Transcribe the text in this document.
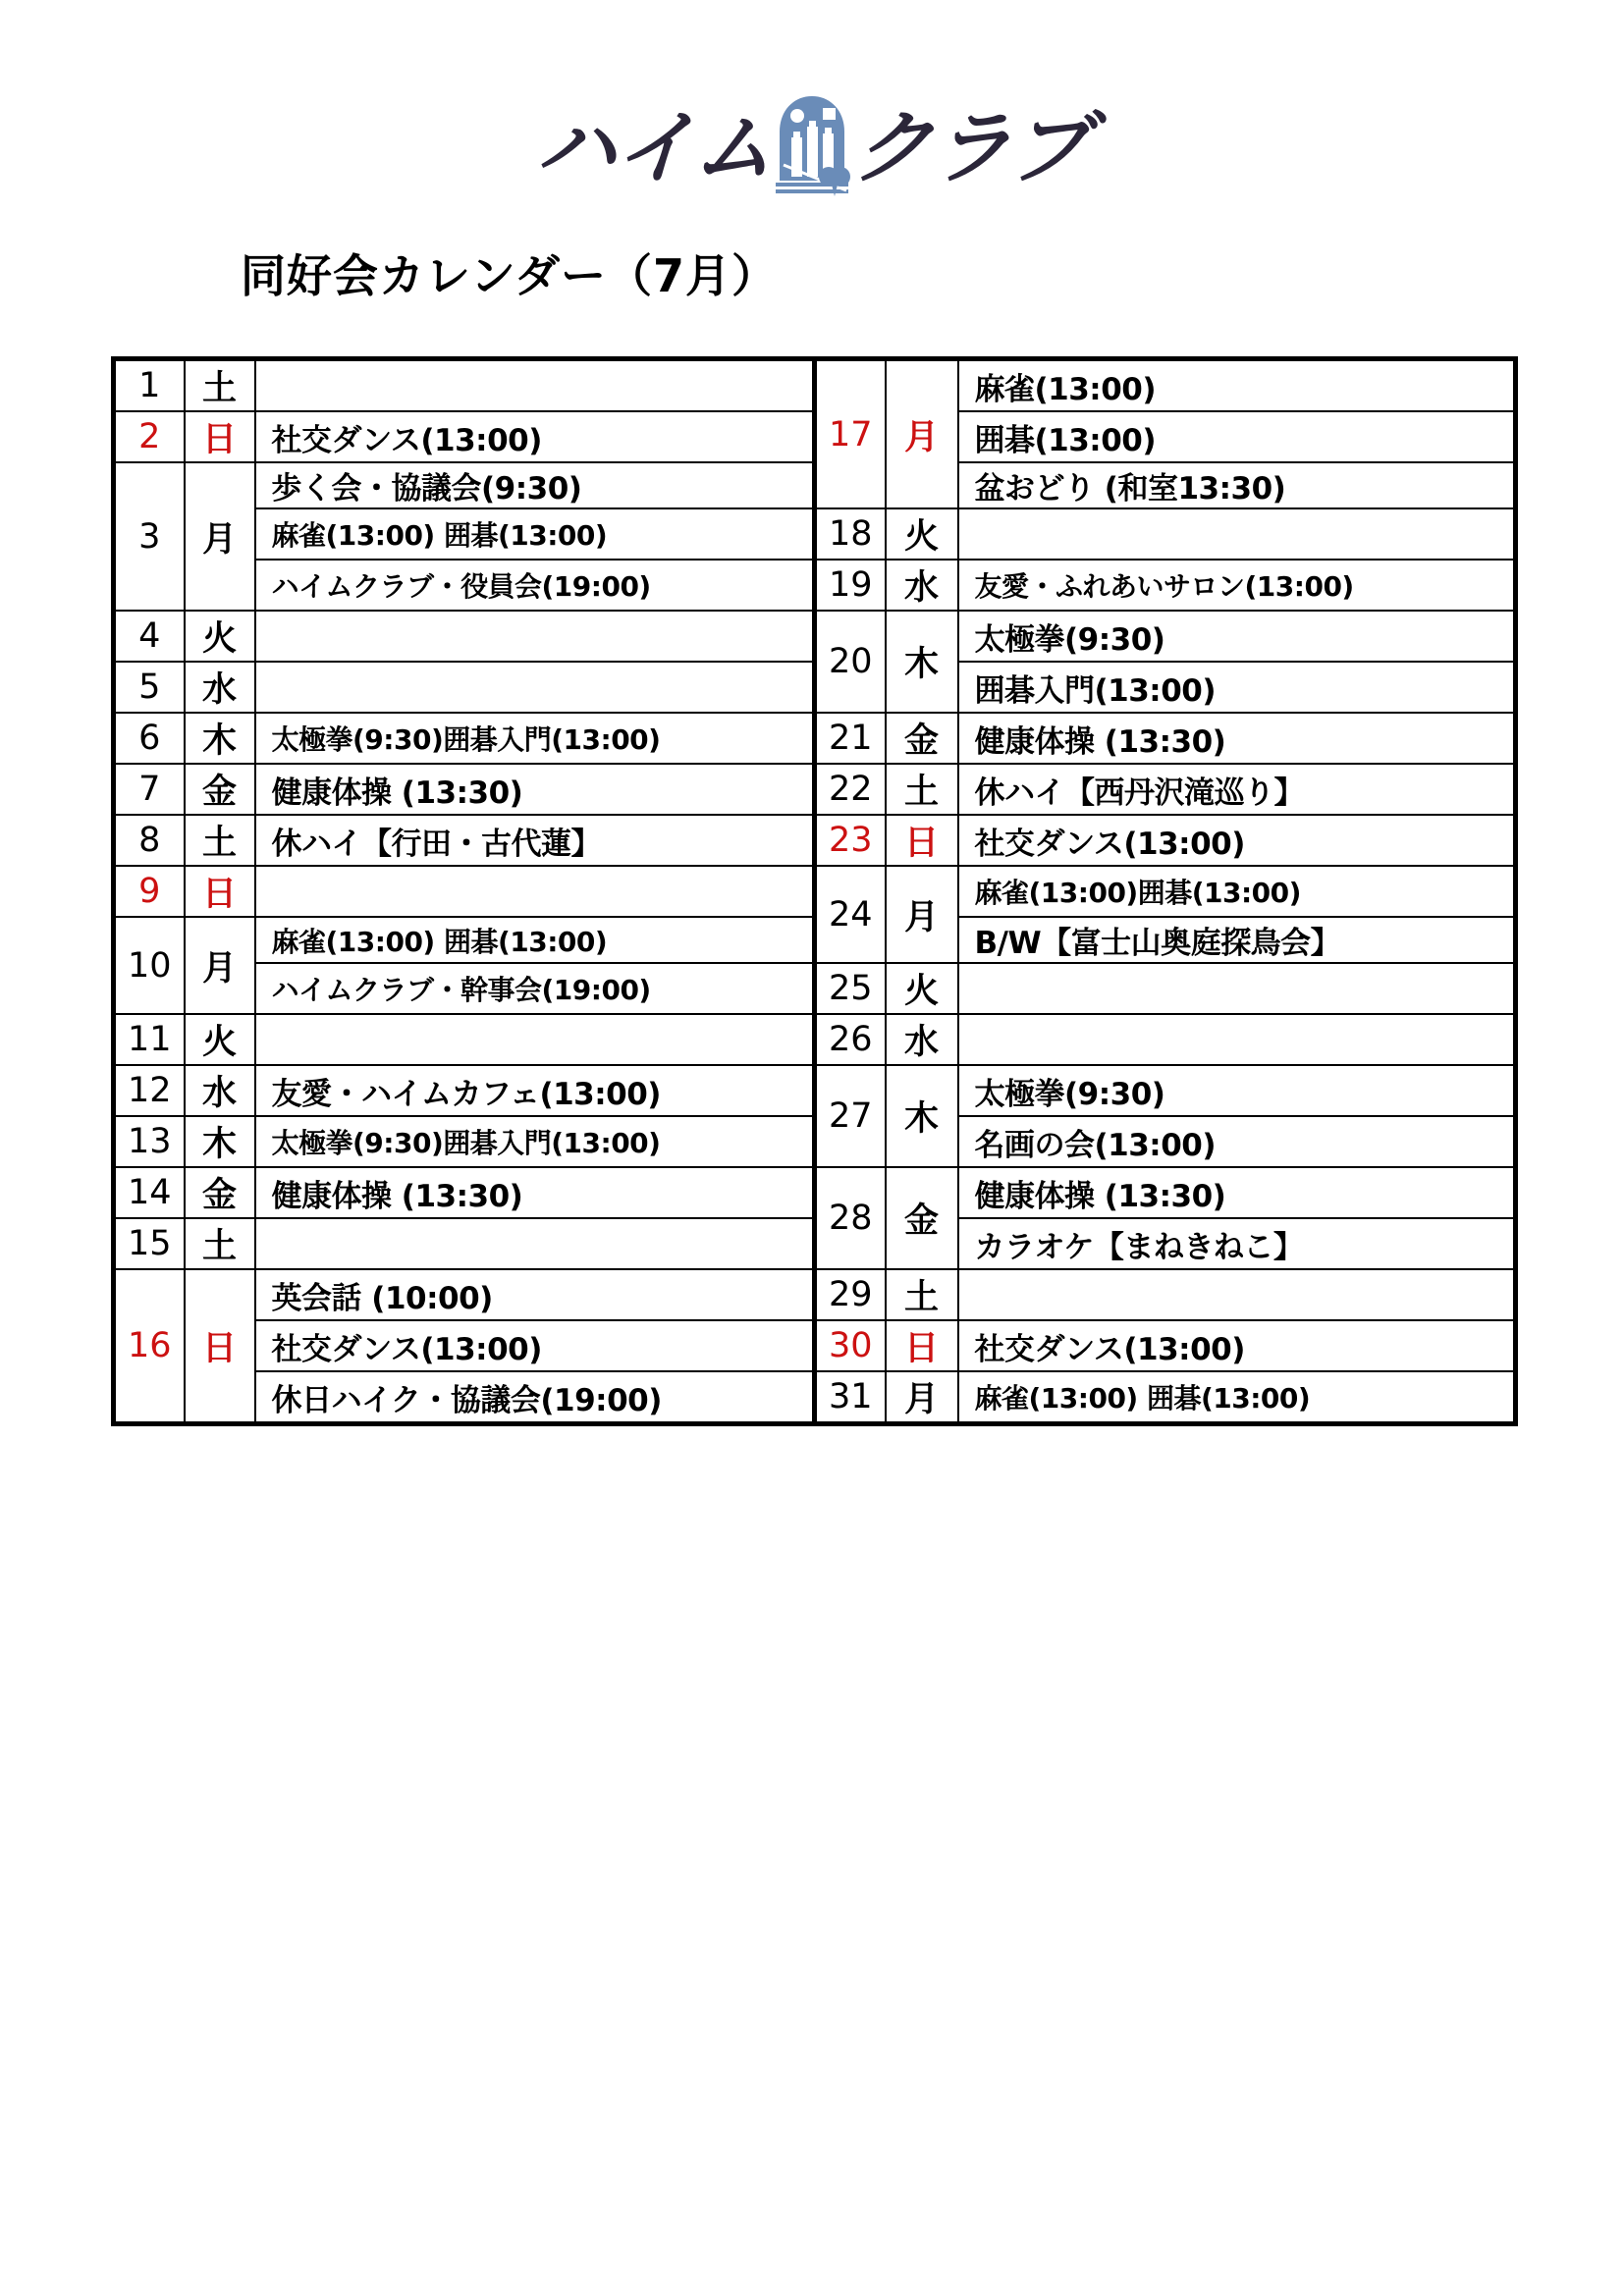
ハイム クラブ
同好会カレンダー（7月）
1	土		17	月	麻雀(13:00)
2	日	社交ダンス(13:00)			囲碁(13:00)
3	月	歩く会・協議会(9:30)			盆おどり (和室13:30)
		麻雀(13:00) 囲碁(13:00)	18	火	
		ハイムクラブ・役員会(19:00)	19	水	友愛・ふれあいサロン(13:00)
4	火		20	木	太極拳(9:30)
5	水				囲碁入門(13:00)
6	木	太極拳(9:30)囲碁入門(13:00)	21	金	健康体操 (13:30)
7	金	健康体操 (13:30)	22	土	休ハイ【西丹沢滝巡り】
8	土	休ハイ【行田・古代蓮】	23	日	社交ダンス(13:00)
9	日		24	月	麻雀(13:00)囲碁(13:00)
10	月	麻雀(13:00) 囲碁(13:00)			B/W【富士山奥庭探鳥会】
		ハイムクラブ・幹事会(19:00)	25	火	
11	火		26	水	
12	水	友愛・ハイムカフェ(13:00)	27	木	太極拳(9:30)
13	木	太極拳(9:30)囲碁入門(13:00)			名画の会(13:00)
14	金	健康体操 (13:30)	28	金	健康体操 (13:30)
15	土				カラオケ【まねきねこ】
16	日	英会話 (10:00)	29	土	
		社交ダンス(13:00)	30	日	社交ダンス(13:00)
		休日ハイク・協議会(19:00)	31	月	麻雀(13:00) 囲碁(13:00)
